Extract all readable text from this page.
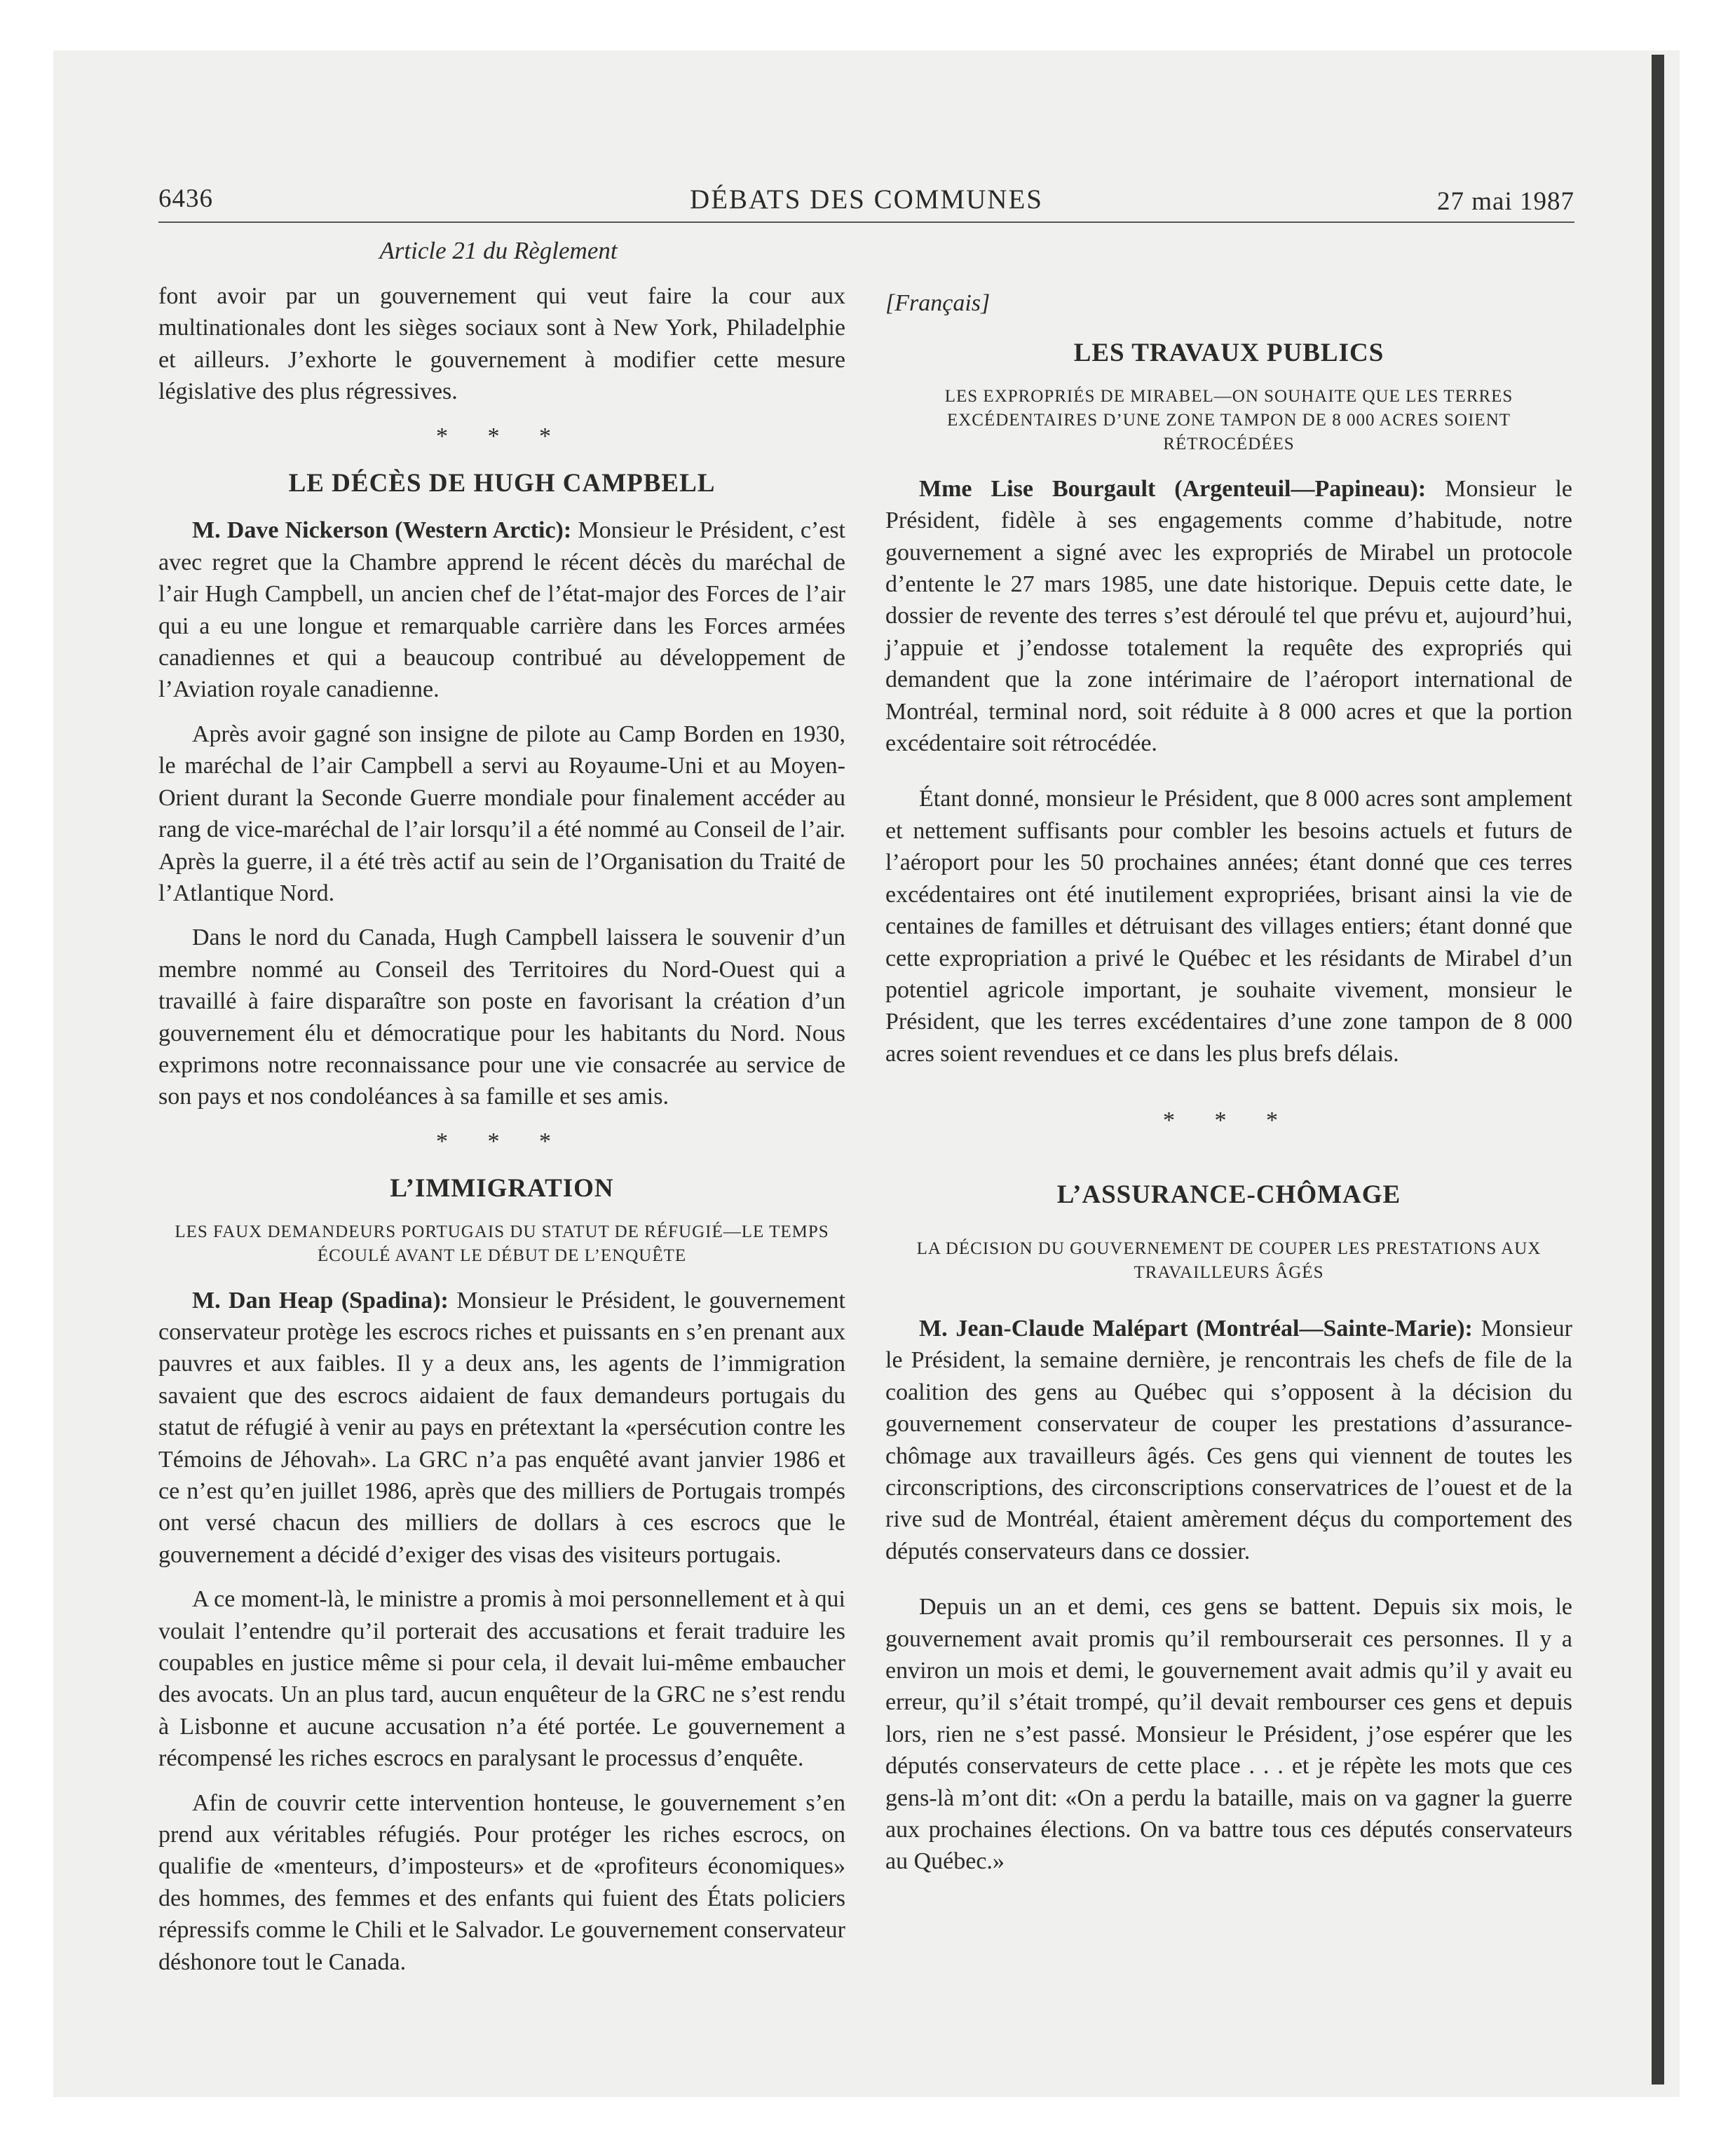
6436	DÉBATS DES COMMUNES	27 mai 1987
Article 21 du Règlement

font avoir par un gouvernement qui veut faire la cour aux multinationales dont les sièges sociaux sont à New York, Philadelphie et ailleurs. J’exhorte le gouvernement à modifier cette mesure législative des plus régressives.

* * *
LE DÉCÈS DE HUGH CAMPBELL

M. Dave Nickerson (Western Arctic): Monsieur le Président, c’est avec regret que la Chambre apprend le récent décès du maréchal de l’air Hugh Campbell, un ancien chef de l’état-major des Forces de l’air qui a eu une longue et remarquable carrière dans les Forces armées canadiennes et qui a beaucoup contribué au développement de l’Aviation royale canadienne.

Après avoir gagné son insigne de pilote au Camp Borden en 1930, le maréchal de l’air Campbell a servi au Royaume-Uni et au Moyen-Orient durant la Seconde Guerre mondiale pour finalement accéder au rang de vice-maréchal de l’air lorsqu’il a été nommé au Conseil de l’air. Après la guerre, il a été très actif au sein de l’Organisation du Traité de l’Atlantique Nord.

Dans le nord du Canada, Hugh Campbell laissera le souvenir d’un membre nommé au Conseil des Territoires du Nord-Ouest qui a travaillé à faire disparaître son poste en favorisant la création d’un gouvernement élu et démocratique pour les habitants du Nord. Nous exprimons notre reconnaissance pour une vie consacrée au service de son pays et nos condoléances à sa famille et ses amis.

* * *
L’IMMIGRATION
LES FAUX DEMANDEURS PORTUGAIS DU STATUT DE RÉFUGIÉ—LE TEMPS ÉCOULÉ AVANT LE DÉBUT DE L’ENQUÊTE

M. Dan Heap (Spadina): Monsieur le Président, le gouvernement conservateur protège les escrocs riches et puissants en s’en prenant aux pauvres et aux faibles. Il y a deux ans, les agents de l’immigration savaient que des escrocs aidaient de faux demandeurs portugais du statut de réfugié à venir au pays en prétextant la «persécution contre les Témoins de Jéhovah». La GRC n’a pas enquêté avant janvier 1986 et ce n’est qu’en juillet 1986, après que des milliers de Portugais trompés ont versé chacun des milliers de dollars à ces escrocs que le gouvernement a décidé d’exiger des visas des visiteurs portugais.

A ce moment-là, le ministre a promis à moi personnellement et à qui voulait l’entendre qu’il porterait des accusations et ferait traduire les coupables en justice même si pour cela, il devait lui-même embaucher des avocats. Un an plus tard, aucun enquêteur de la GRC ne s’est rendu à Lisbonne et aucune accusation n’a été portée. Le gouvernement a récompensé les riches escrocs en paralysant le processus d’enquête.

Afin de couvrir cette intervention honteuse, le gouvernement s’en prend aux véritables réfugiés. Pour protéger les riches escrocs, on qualifie de «menteurs, d’imposteurs» et de «profiteurs économiques» des hommes, des femmes et des enfants qui fuient des États policiers répressifs comme le Chili et le Salvador. Le gouvernement conservateur déshonore tout le Canada.

[Français]
LES TRAVAUX PUBLICS
LES EXPROPRIÉS DE MIRABEL—ON SOUHAITE QUE LES TERRES EXCÉDENTAIRES D’UNE ZONE TAMPON DE 8 000 ACRES SOIENT RÉTROCÉDÉES

Mme Lise Bourgault (Argenteuil—Papineau): Monsieur le Président, fidèle à ses engagements comme d’habitude, notre gouvernement a signé avec les expropriés de Mirabel un protocole d’entente le 27 mars 1985, une date historique. Depuis cette date, le dossier de revente des terres s’est déroulé tel que prévu et, aujourd’hui, j’appuie et j’endosse totalement la requête des expropriés qui demandent que la zone intérimaire de l’aéroport international de Montréal, terminal nord, soit réduite à 8 000 acres et que la portion excédentaire soit rétrocédée.

Étant donné, monsieur le Président, que 8 000 acres sont amplement et nettement suffisants pour combler les besoins actuels et futurs de l’aéroport pour les 50 prochaines années; étant donné que ces terres excédentaires ont été inutilement expropriées, brisant ainsi la vie de centaines de familles et détruisant des villages entiers; étant donné que cette expropriation a privé le Québec et les résidants de Mirabel d’un potentiel agricole important, je souhaite vivement, monsieur le Président, que les terres excédentaires d’une zone tampon de 8 000 acres soient revendues et ce dans les plus brefs délais.

* * *
L’ASSURANCE-CHÔMAGE
LA DÉCISION DU GOUVERNEMENT DE COUPER LES PRESTATIONS AUX TRAVAILLEURS ÂGÉS

M. Jean-Claude Malépart (Montréal—Sainte-Marie): Monsieur le Président, la semaine dernière, je rencontrais les chefs de file de la coalition des gens au Québec qui s’opposent à la décision du gouvernement conservateur de couper les prestations d’assurance-chômage aux travailleurs âgés. Ces gens qui viennent de toutes les circonscriptions, des circonscriptions conservatrices de l’ouest et de la rive sud de Montréal, étaient amèrement déçus du comportement des députés conservateurs dans ce dossier.

Depuis un an et demi, ces gens se battent. Depuis six mois, le gouvernement avait promis qu’il rembourserait ces personnes. Il y a environ un mois et demi, le gouvernement avait admis qu’il y avait eu erreur, qu’il s’était trompé, qu’il devait rembourser ces gens et depuis lors, rien ne s’est passé. Monsieur le Président, j’ose espérer que les députés conservateurs de cette place . . . et je répète les mots que ces gens-là m’ont dit: «On a perdu la bataille, mais on va gagner la guerre aux prochaines élections. On va battre tous ces députés conservateurs au Québec.»
